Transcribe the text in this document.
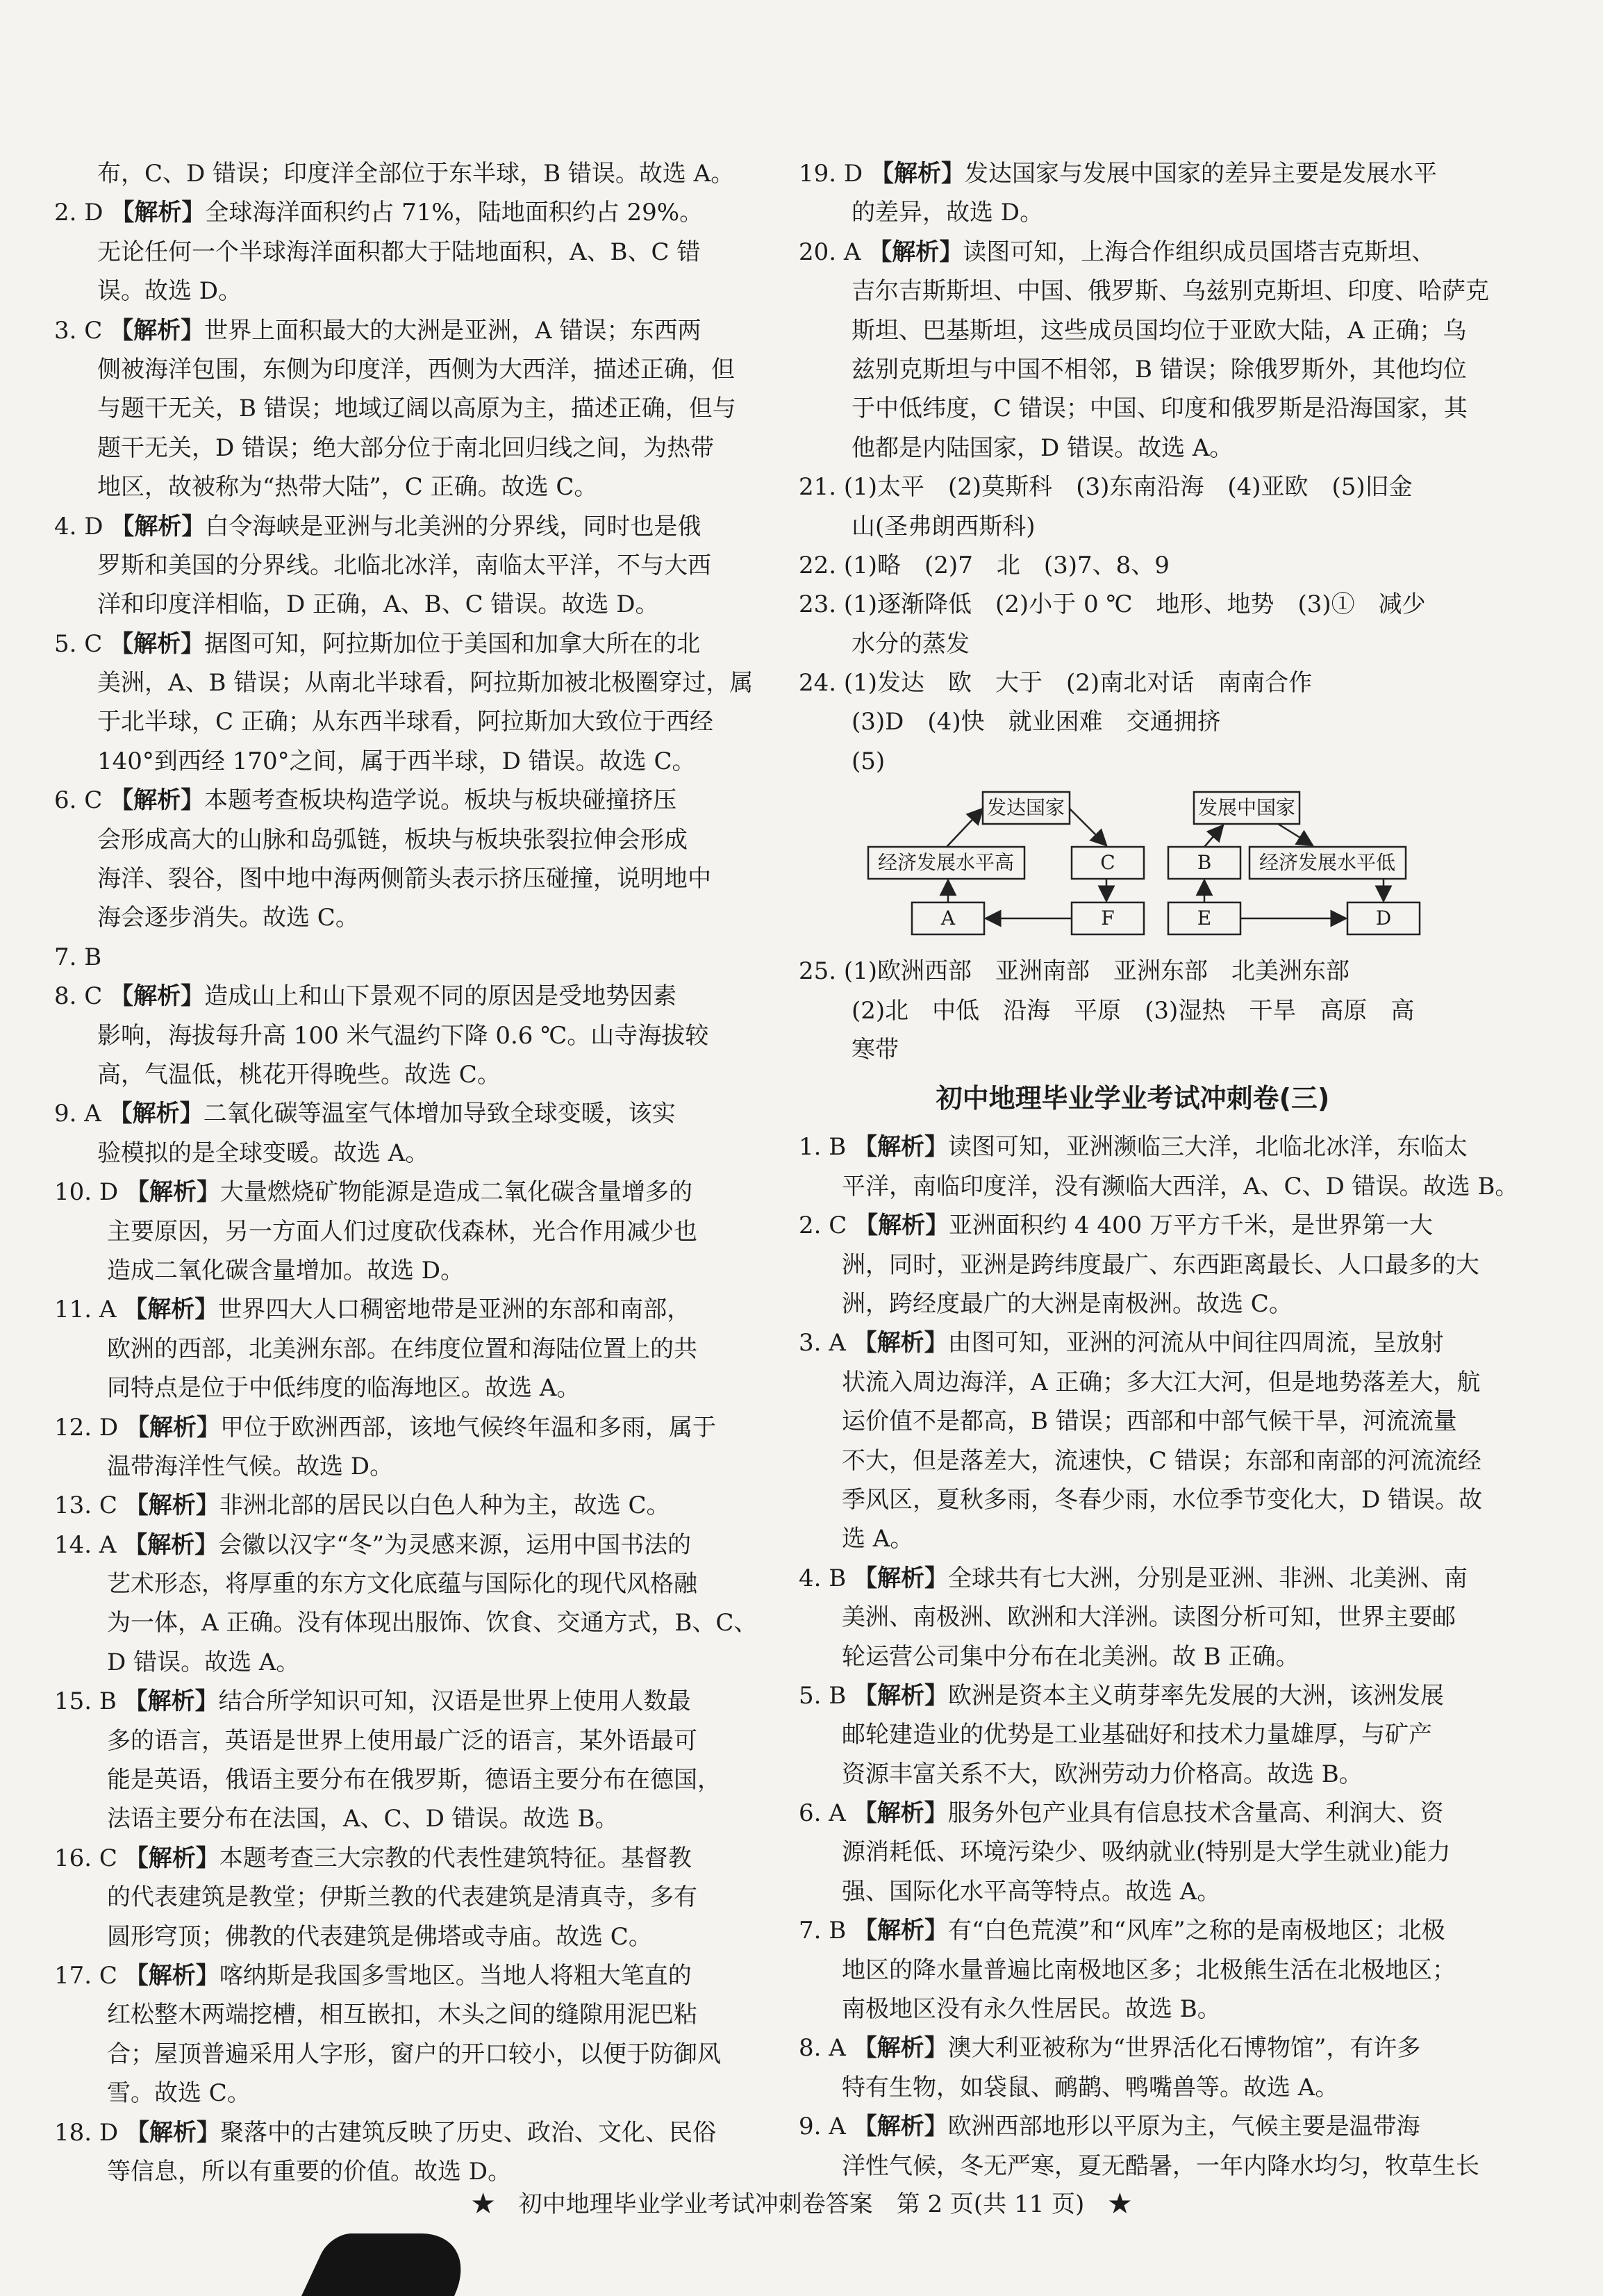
布，C、D 错误；印度洋全部位于东半球，B 错误。故选 A。
2. D 【解析】全球海洋面积约占 71%，陆地面积约占 29%。
无论任何一个半球海洋面积都大于陆地面积，A、B、C 错
误。故选 D。
3. C 【解析】世界上面积最大的大洲是亚洲，A 错误；东西两
侧被海洋包围，东侧为印度洋，西侧为大西洋，描述正确，但
与题干无关，B 错误；地域辽阔以高原为主，描述正确，但与
题干无关，D 错误；绝大部分位于南北回归线之间，为热带
地区，故被称为“热带大陆”，C 正确。故选 C。
4. D 【解析】白令海峡是亚洲与北美洲的分界线，同时也是俄
罗斯和美国的分界线。北临北冰洋，南临太平洋，不与大西
洋和印度洋相临，D 正确，A、B、C 错误。故选 D。
5. C 【解析】据图可知，阿拉斯加位于美国和加拿大所在的北
美洲，A、B 错误；从南北半球看，阿拉斯加被北极圈穿过，属
于北半球，C 正确；从东西半球看，阿拉斯加大致位于西经
140°到西经 170°之间，属于西半球，D 错误。故选 C。
6. C 【解析】本题考查板块构造学说。板块与板块碰撞挤压
会形成高大的山脉和岛弧链，板块与板块张裂拉伸会形成
海洋、裂谷，图中地中海两侧箭头表示挤压碰撞，说明地中
海会逐步消失。故选 C。
7. B
8. C 【解析】造成山上和山下景观不同的原因是受地势因素
影响，海拔每升高 100 米气温约下降 0.6 ℃。山寺海拔较
高，气温低，桃花开得晚些。故选 C。
9. A 【解析】二氧化碳等温室气体增加导致全球变暖，该实
验模拟的是全球变暖。故选 A。
10. D 【解析】大量燃烧矿物能源是造成二氧化碳含量增多的
主要原因，另一方面人们过度砍伐森林，光合作用减少也
造成二氧化碳含量增加。故选 D。
11. A 【解析】世界四大人口稠密地带是亚洲的东部和南部，
欧洲的西部，北美洲东部。在纬度位置和海陆位置上的共
同特点是位于中低纬度的临海地区。故选 A。
12. D 【解析】甲位于欧洲西部，该地气候终年温和多雨，属于
温带海洋性气候。故选 D。
13. C 【解析】非洲北部的居民以白色人种为主，故选 C。
14. A 【解析】会徽以汉字“冬”为灵感来源，运用中国书法的
艺术形态，将厚重的东方文化底蕴与国际化的现代风格融
为一体，A 正确。没有体现出服饰、饮食、交通方式，B、C、
D 错误。故选 A。
15. B 【解析】结合所学知识可知，汉语是世界上使用人数最
多的语言，英语是世界上使用最广泛的语言，某外语最可
能是英语，俄语主要分布在俄罗斯，德语主要分布在德国，
法语主要分布在法国，A、C、D 错误。故选 B。
16. C 【解析】本题考查三大宗教的代表性建筑特征。基督教
的代表建筑是教堂；伊斯兰教的代表建筑是清真寺，多有
圆形穹顶；佛教的代表建筑是佛塔或寺庙。故选 C。
17. C 【解析】喀纳斯是我国多雪地区。当地人将粗大笔直的
红松整木两端挖槽，相互嵌扣，木头之间的缝隙用泥巴粘
合；屋顶普遍采用人字形，窗户的开口较小，以便于防御风
雪。故选 C。
18. D 【解析】聚落中的古建筑反映了历史、政治、文化、民俗
等信息，所以有重要的价值。故选 D。
19. D 【解析】发达国家与发展中国家的差异主要是发展水平
的差异，故选 D。
20. A 【解析】读图可知，上海合作组织成员国塔吉克斯坦、
吉尔吉斯斯坦、中国、俄罗斯、乌兹别克斯坦、印度、哈萨克
斯坦、巴基斯坦，这些成员国均位于亚欧大陆，A 正确；乌
兹别克斯坦与中国不相邻，B 错误；除俄罗斯外，其他均位
于中低纬度，C 错误；中国、印度和俄罗斯是沿海国家，其
他都是内陆国家，D 错误。故选 A。
21. (1)太平　(2)莫斯科　(3)东南沿海　(4)亚欧　(5)旧金
山(圣弗朗西斯科)
22. (1)略　(2)7　北　(3)7、8、9
23. (1)逐渐降低　(2)小于 0 ℃　地形、地势　(3)①　减少
水分的蒸发
24. (1)发达　欧　大于　(2)南北对话　南南合作
(3)D　(4)快　就业困难　交通拥挤
(5)
发达国家
经济发展水平高	C
A	F
发展中国家
B 经济发展水平低
E	D
25. (1)欧洲西部　亚洲南部　亚洲东部　北美洲东部
(2)北　中低　沿海　平原　(3)湿热　干旱　高原　高
寒带
初中地理毕业学业考试冲刺卷(三)
1. B 【解析】读图可知，亚洲濒临三大洋，北临北冰洋，东临太
平洋，南临印度洋，没有濒临大西洋，A、C、D 错误。故选 B。
2. C 【解析】亚洲面积约 4 400 万平方千米，是世界第一大
洲，同时，亚洲是跨纬度最广、东西距离最长、人口最多的大
洲，跨经度最广的大洲是南极洲。故选 C。
3. A 【解析】由图可知，亚洲的河流从中间往四周流，呈放射
状流入周边海洋，A 正确；多大江大河，但是地势落差大，航
运价值不是都高，B 错误；西部和中部气候干旱，河流流量
不大，但是落差大，流速快，C 错误；东部和南部的河流流经
季风区，夏秋多雨，冬春少雨，水位季节变化大，D 错误。故
选 A。
4. B 【解析】全球共有七大洲，分别是亚洲、非洲、北美洲、南
美洲、南极洲、欧洲和大洋洲。读图分析可知，世界主要邮
轮运营公司集中分布在北美洲。故 B 正确。
5. B 【解析】欧洲是资本主义萌芽率先发展的大洲，该洲发展
邮轮建造业的优势是工业基础好和技术力量雄厚，与矿产
资源丰富关系不大，欧洲劳动力价格高。故选 B。
6. A 【解析】服务外包产业具有信息技术含量高、利润大、资
源消耗低、环境污染少、吸纳就业(特别是大学生就业)能力
强、国际化水平高等特点。故选 A。
7. B 【解析】有“白色荒漠”和“风库”之称的是南极地区；北极
地区的降水量普遍比南极地区多；北极熊生活在北极地区；
南极地区没有永久性居民。故选 B。
8. A 【解析】澳大利亚被称为“世界活化石博物馆”，有许多
特有生物，如袋鼠、鸸鹋、鸭嘴兽等。故选 A。
9. A 【解析】欧洲西部地形以平原为主，气候主要是温带海
洋性气候，冬无严寒，夏无酷暑，一年内降水均匀，牧草生长
★　初中地理毕业学业考试冲刺卷答案　第 2 页(共 11 页)　★
